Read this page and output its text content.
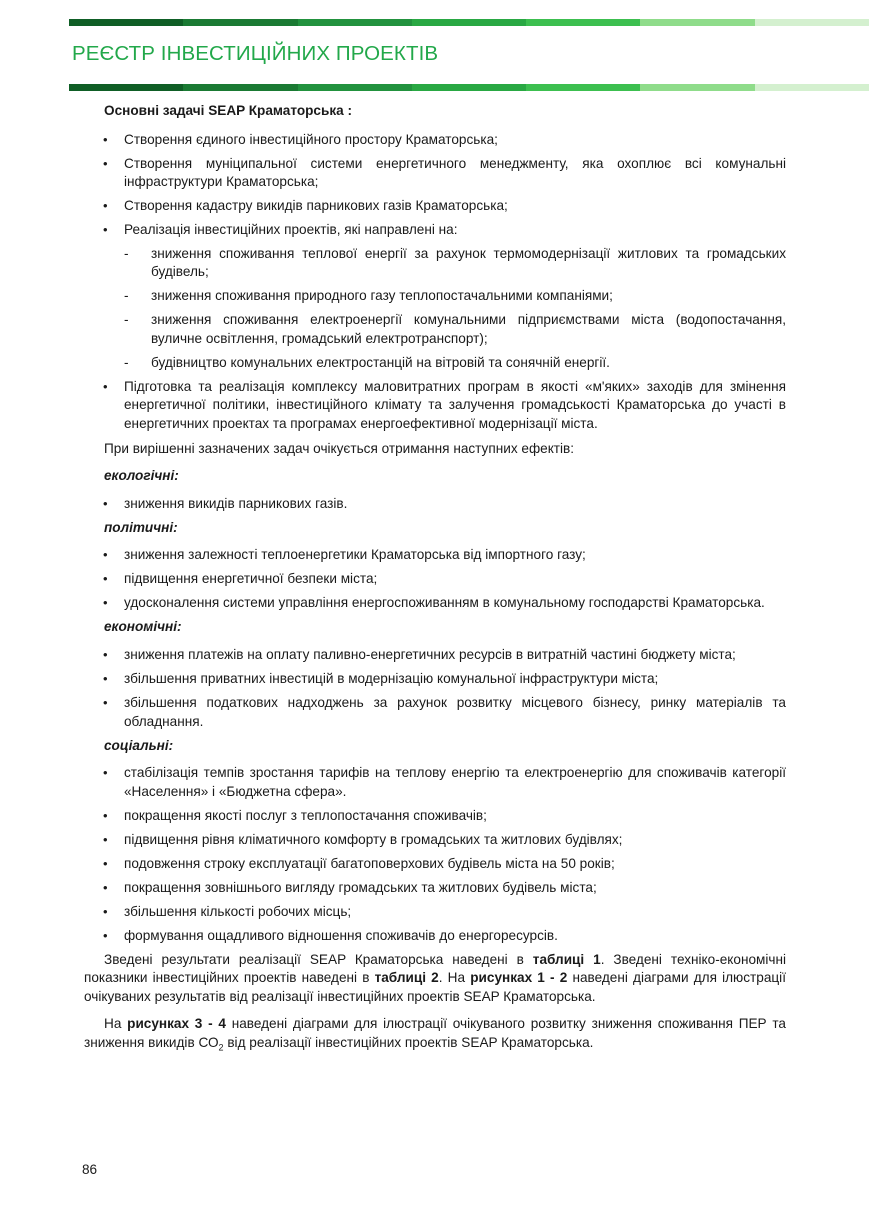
РЕЄСТР ІНВЕСТИЦІЙНИХ ПРОЕКТІВ

Основні задачі SEAP Краматорська :

• Створення єдиного інвестиційного простору Краматорська;
• Створення муніципальної системи енергетичного менеджменту, яка охоплює всі комунальні інфраструктури Краматорська;
• Створення кадастру викидів парникових газів Краматорська;
• Реалізація інвестиційних проектів, які направлені на:
- зниження споживання теплової енергії за рахунок термомодернізації житлових та громадських будівель;
- зниження споживання природного газу теплопостачальними компаніями;
- зниження споживання електроенергії комунальними підприємствами міста (водопостачання, вуличне освітлення, громадський електротранспорт);
- будівництво комунальних електростанцій на вітровій та сонячній енергії.
• Підготовка та реалізація комплексу маловитратних програм в якості «м'яких» заходів для змінення енергетичної політики, інвестиційного клімату та залучення громадськості Краматорська до участі в енергетичних проектах та програмах енергоефективної модернізації міста.

При вирішенні зазначених задач очікується отримання наступних ефектів:

екологічні:

• зниження викидів парникових газів.

політичні:

• зниження залежності теплоенергетики Краматорська від імпортного газу;
• підвищення енергетичної безпеки міста;
• удосконалення системи управління енергоспоживанням в комунальному господарстві Краматорська.

економічні:

• зниження платежів на оплату паливно-енергетичних ресурсів в витратній частині бюджету міста;
• збільшення приватних інвестицій в модернізацію комунальної інфраструктури міста;
• збільшення податкових надходжень за рахунок розвитку місцевого бізнесу, ринку матеріалів та обладнання.

соціальні:

• стабілізація темпів зростання тарифів на теплову енергію та електроенергію для споживачів категорії «Населення» і «Бюджетна сфера».
• покращення якості послуг з теплопостачання споживачів;
• підвищення рівня кліматичного комфорту в громадських та житлових будівлях;
• подовження строку експлуатації багатоповерхових будівель міста на 50 років;
• покращення зовнішнього вигляду громадських та житлових будівель міста;
• збільшення кількості робочих місць;
• формування ощадливого відношення споживачів до енергоресурсів.

Зведені результати реалізації SEAP Краматорська наведені в таблиці 1. Зведені техніко-економічні показники інвестиційних проектів наведені в таблиці 2. На рисунках 1 - 2 наведені діаграми для ілюстрації очікуваних результатів від реалізації інвестиційних проектів SEAP Краматорська.

На рисунках 3 - 4 наведені діаграми для ілюстрації очікуваного розвитку зниження споживання ПЕР та зниження викидів $СО_2$ від реалізації інвестиційних проектів SEAP Краматорська.

86
